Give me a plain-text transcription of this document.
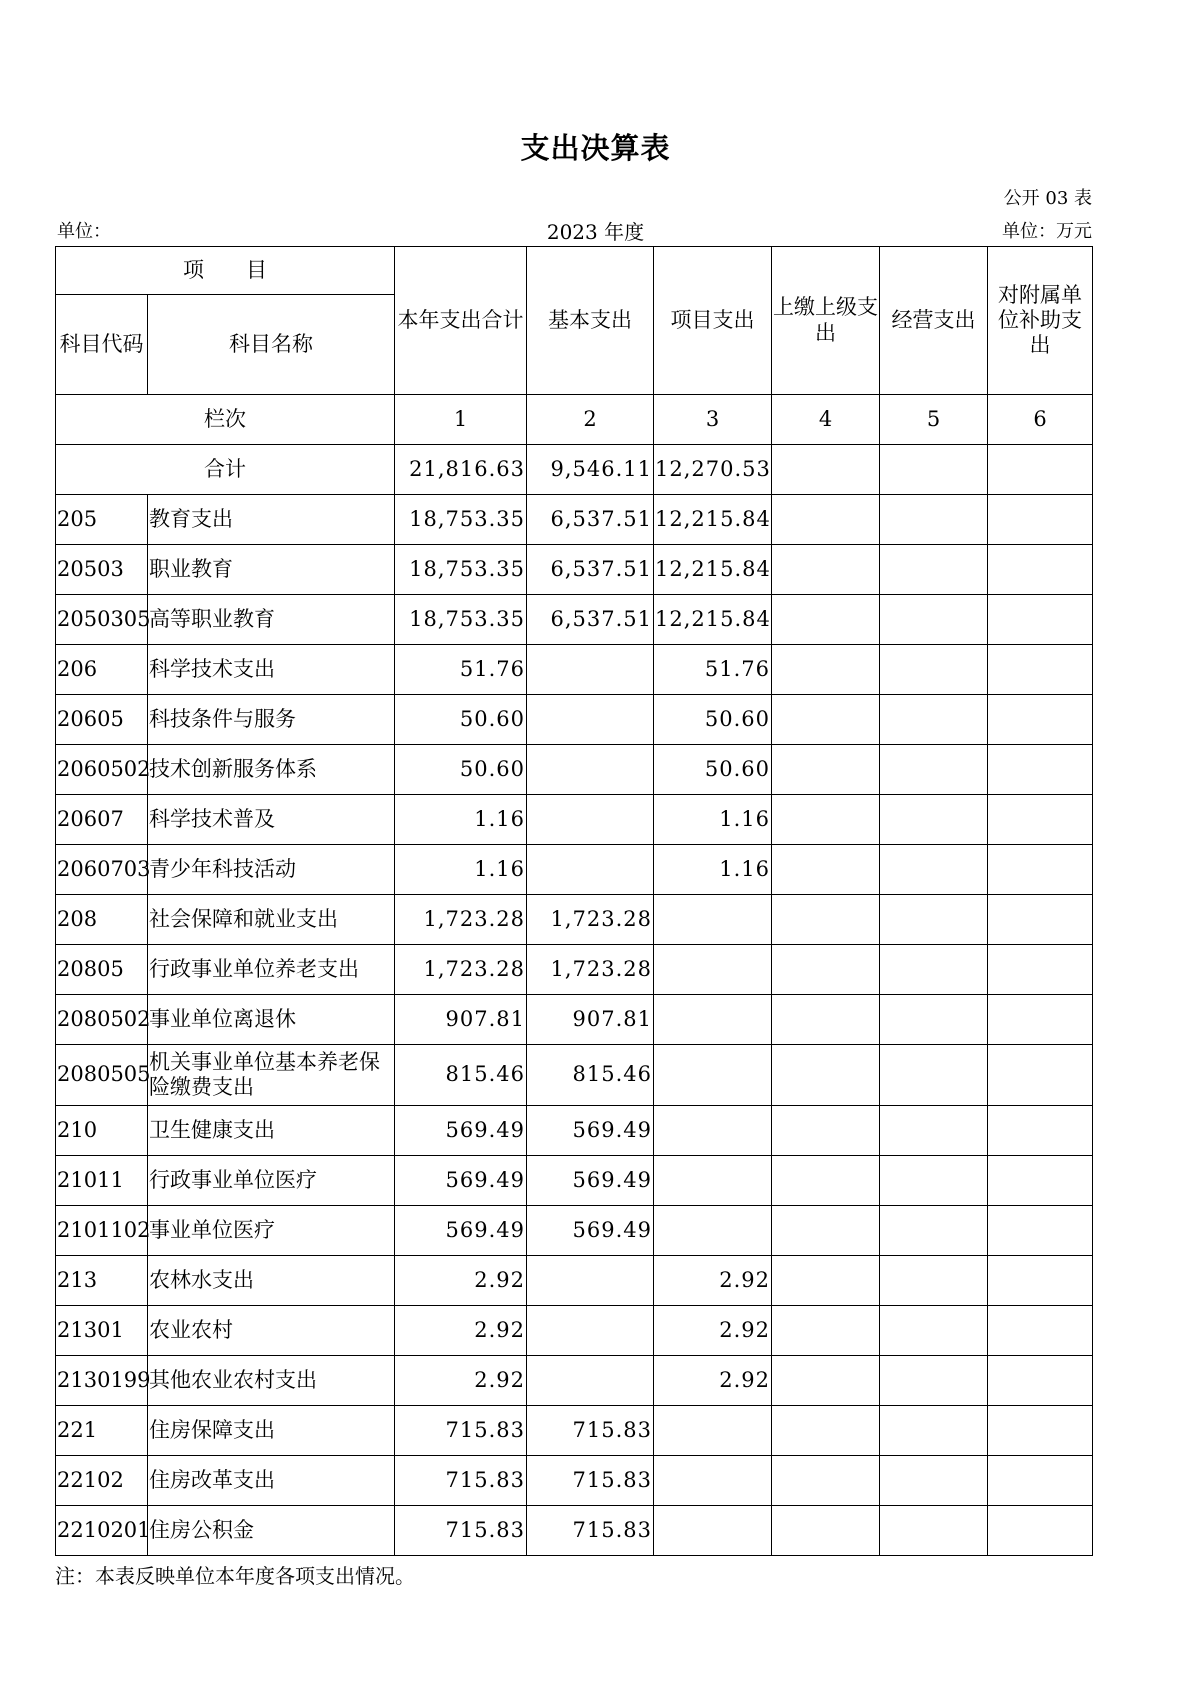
支出决算表
公开 03 表
单位：	2023 年度	单位：万元
项　　目		本年支出合计	基本支出	项目支出	上缴上级支出	经营支出	对附属单位补助支出
科目代码	科目名称						
栏次		1	2	3	4	5	6
合计		21,816.63	9,546.11	12,270.53			
205	教育支出	18,753.35	6,537.51	12,215.84			
20503	职业教育	18,753.35	6,537.51	12,215.84			
2050305	高等职业教育	18,753.35	6,537.51	12,215.84			
206	科学技术支出	51.76		51.76			
20605	科技条件与服务	50.60		50.60			
2060502	技术创新服务体系	50.60		50.60			
20607	科学技术普及	1.16		1.16			
2060703	青少年科技活动	1.16		1.16			
208	社会保障和就业支出	1,723.28	1,723.28				
20805	行政事业单位养老支出	1,723.28	1,723.28				
2080502	事业单位离退休	907.81	907.81				
2080505	机关事业单位基本养老保险缴费支出	815.46	815.46				
210	卫生健康支出	569.49	569.49				
21011	行政事业单位医疗	569.49	569.49				
2101102	事业单位医疗	569.49	569.49				
213	农林水支出	2.92		2.92			
21301	农业农村	2.92		2.92			
2130199	其他农业农村支出	2.92		2.92			
221	住房保障支出	715.83	715.83				
22102	住房改革支出	715.83	715.83				
2210201	住房公积金	715.83	715.83				
注：本表反映单位本年度各项支出情况。
